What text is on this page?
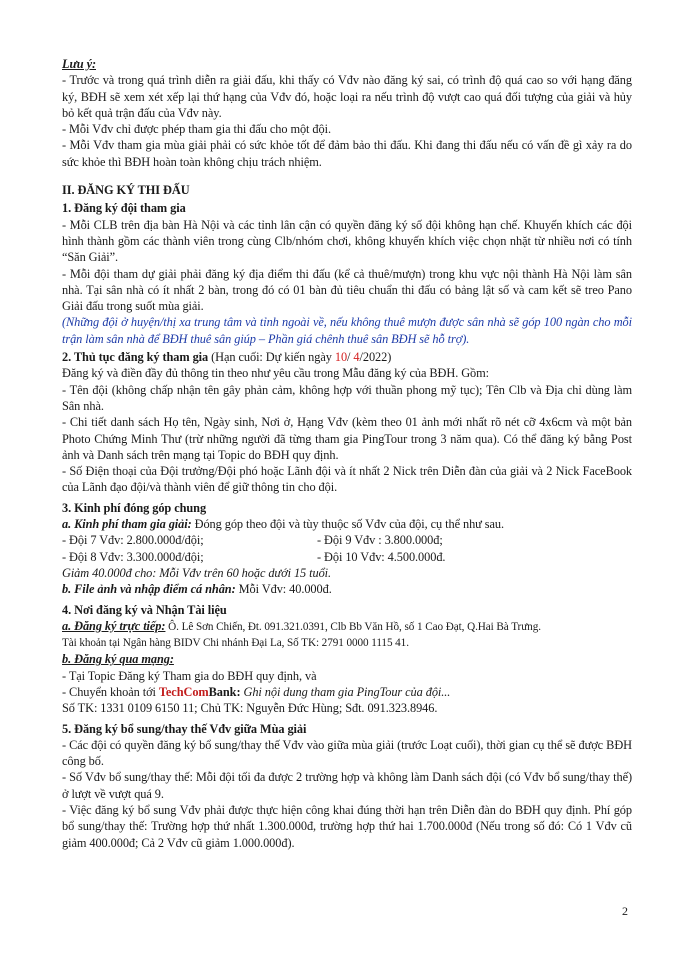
Lưu ý:

- Trước và trong quá trình diễn ra giải đấu, khi thấy có Vđv nào đăng ký sai, có trình độ quá cao so với hạng đăng ký, BĐH sẽ xem xét xếp lại thứ hạng của Vđv đó, hoặc loại ra nếu trình độ vượt cao quá đối tượng của giải và hủy bỏ kết quả trận đấu của Vđv này.

- Mỗi Vđv chỉ được phép tham gia thi đấu cho một đội.

- Mỗi Vđv tham gia mùa giải phải có sức khỏe tốt để đảm bảo thi đấu. Khi đang thi đấu nếu có vấn đề gì xảy ra do sức khỏe thì BĐH hoàn toàn không chịu trách nhiệm.

II. ĐĂNG KÝ THI ĐẤU

1. Đăng ký đội tham gia

- Mỗi CLB trên địa bàn Hà Nội và các tỉnh lân cận có quyền đăng ký số đội không hạn chế. Khuyến khích các đội hình thành gồm các thành viên trong cùng Clb/nhóm chơi, không khuyến khích việc chọn nhặt từ nhiều nơi có tính “Săn Giải”.

- Mỗi đội tham dự giải phải đăng ký địa điểm thi đấu (kể cả thuê/mượn) trong khu vực nội thành Hà Nội làm sân nhà. Tại sân nhà có ít nhất 2 bàn, trong đó có 01 bàn đủ tiêu chuẩn thi đấu có bảng lật số và cam kết sẽ treo Pano Giải đấu trong suốt mùa giải.

(Những đội ở huyện/thị xa trung tâm và tỉnh ngoài về, nếu không thuê mượn được sân nhà sẽ góp 100 ngàn cho mỗi trận làm sân nhà để BĐH thuê sân giúp – Phần giá chênh thuê sân BĐH sẽ hỗ trợ).

2. Thủ tục đăng ký tham gia (Hạn cuối: Dự kiến ngày 10/ 4/2022)

Đăng ký và điền đầy đủ thông tin theo như yêu cầu trong Mẫu đăng ký của BĐH. Gồm:

- Tên đội (không chấp nhận tên gây phản cảm, không hợp với thuần phong mỹ tục); Tên Clb và Địa chỉ dùng làm Sân nhà.

- Chi tiết danh sách Họ tên, Ngày sinh, Nơi ở, Hạng Vđv (kèm theo 01 ảnh mới nhất rõ nét cỡ 4x6cm và một bản Photo Chứng Minh Thư (trừ những người đã từng tham gia PingTour trong 3 năm qua). Có thể đăng ký bằng Post ảnh và Danh sách trên mạng tại Topic do BĐH quy định.

- Số Điện thoại của Đội trưởng/Đội phó hoặc Lãnh đội và ít nhất 2 Nick trên Diễn đàn của giải và 2 Nick FaceBook của Lãnh đạo đội/và thành viên để giữ thông tin cho đội.

3. Kinh phí đóng góp chung

a. Kinh phí tham gia giải: Đóng góp theo đội và tùy thuộc số Vđv của đội, cụ thể như sau.

- Đội 7 Vđv: 2.800.000đ/đội;	- Đội 9 Vđv : 3.800.000đ;
- Đội 8 Vđv: 3.300.000đ/đội;	- Đội 10 Vđv: 4.500.000đ.

Giảm 40.000đ cho: Mỗi Vđv trên 60 hoặc dưới 15 tuổi.

b. File ảnh và nhập điểm cá nhân: Mỗi Vđv: 40.000đ.

4. Nơi đăng ký và Nhận Tài liệu

a. Đăng ký trực tiếp: Ô. Lê Sơn Chiến, Đt. 091.321.0391, Clb Bb Văn Hồ, số 1 Cao Đạt, Q.Hai Bà Trưng.

Tài khoản tại Ngân hàng BIDV Chi nhánh Đại La, Số TK: 2791 0000 1115 41.

b. Đăng ký qua mạng:

- Tại Topic Đăng ký Tham gia do BĐH quy định, và

- Chuyển khoản tới TechComBank: Ghi nội dung tham gia PingTour của đội...

Số TK: 1331 0109 6150 11; Chủ TK: Nguyễn Đức Hùng; Sđt. 091.323.8946.

5. Đăng ký bổ sung/thay thế Vđv giữa Mùa giải

- Các đội có quyền đăng ký bổ sung/thay thế Vđv vào giữa mùa giải (trước Loạt cuối), thời gian cụ thể sẽ được BĐH công bố.

- Số Vđv bổ sung/thay thế: Mỗi đội tối đa được 2 trường hợp và không làm Danh sách đội (có Vđv bổ sung/thay thế) ở lượt về vượt quá 9.

- Việc đăng ký bổ sung Vđv phải được thực hiện công khai đúng thời hạn trên Diễn đàn do BĐH quy định. Phí góp bổ sung/thay thế: Trường hợp thứ nhất 1.300.000đ, trường hợp thứ hai 1.700.000đ (Nếu trong số đó: Có 1 Vđv cũ giảm 400.000đ; Cả 2 Vđv cũ giảm 1.000.000đ).

2
